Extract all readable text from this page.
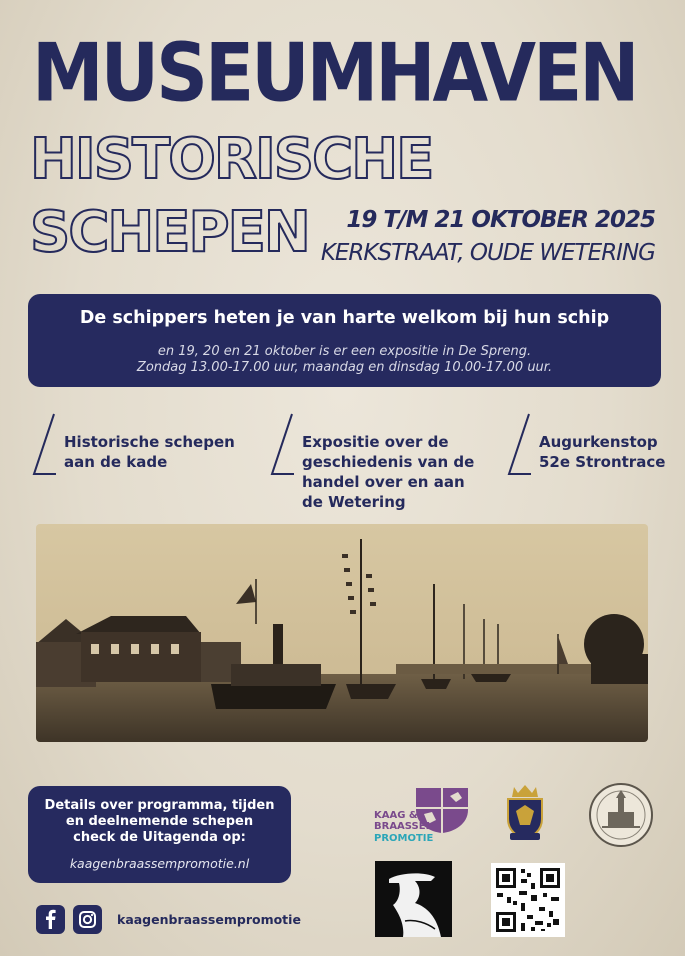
MUSEUMHAVEN
HISTORISCHE
SCHEPEN 19 T/M 21 OKTOBER 2025
KERKSTRAAT, OUDE WETERING
De schippers heten je van harte welkom bij hun schip
en 19, 20 en 21 oktober is er een expositie in De Spreng.
Zondag 13.00-17.00 uur, maandag en dinsdag 10.00-17.00 uur.
Historische schepen
aan de kade
Expositie over de
geschiedenis van de
handel over en aan
de Wetering
Augurkenstop
52e Strontrace
Details over programma, tijden
en deelnemende schepen
check de Uitagenda op:
kaagenbraassempromotie.nl
kaagenbraassempromotie
KAAG &
BRAASSEM
PROMOTIE
